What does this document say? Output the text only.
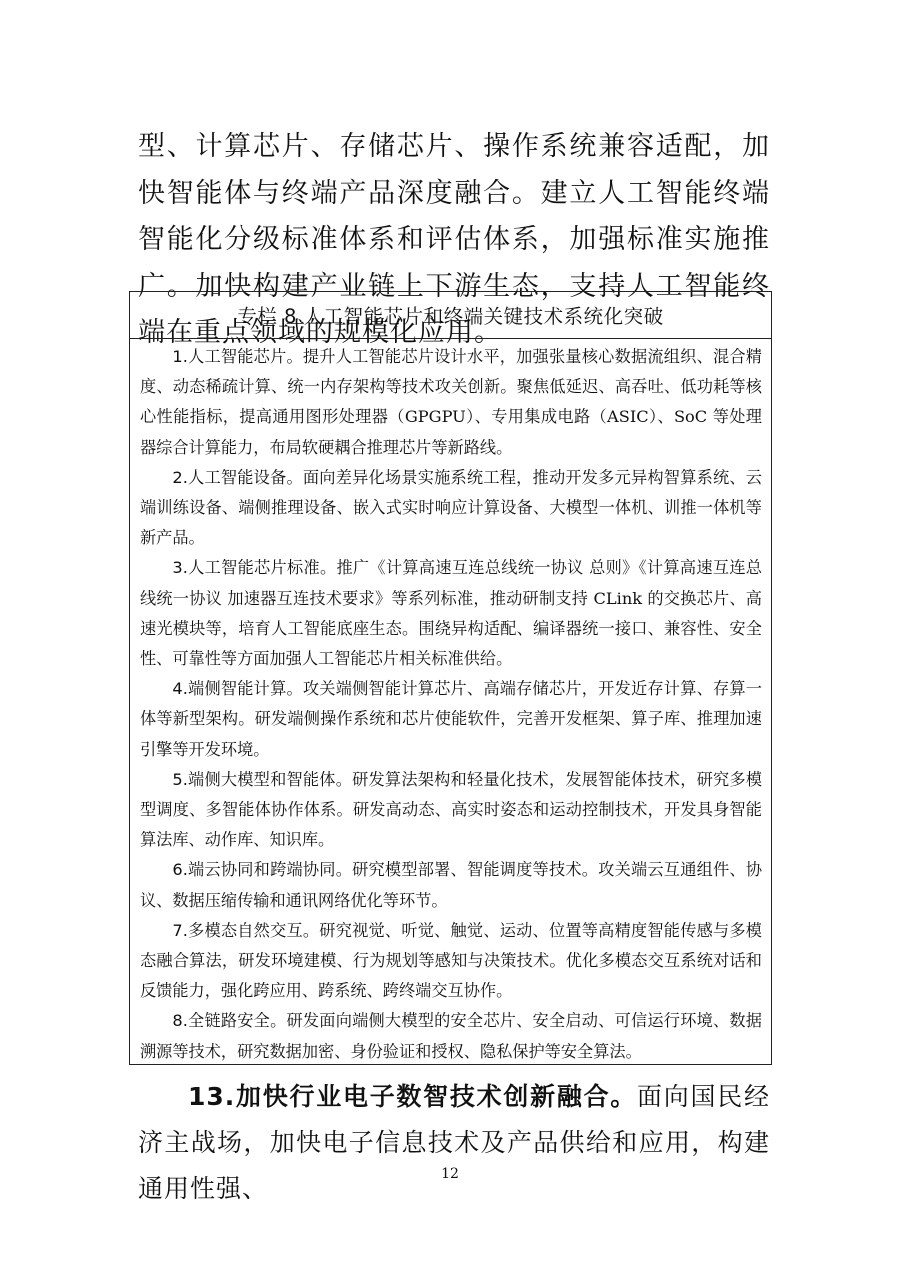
型、计算芯片、存储芯片、操作系统兼容适配，加快智能体与终端产品深度融合。建立人工智能终端智能化分级标准体系和评估体系，加强标准实施推广。加快构建产业链上下游生态，支持人工智能终端在重点领域的规模化应用。
专栏 8 人工智能芯片和终端关键技术系统化突破

1.人工智能芯片。提升人工智能芯片设计水平，加强张量核心数据流组织、混合精度、动态稀疏计算、统一内存架构等技术攻关创新。聚焦低延迟、高吞吐、低功耗等核心性能指标，提高通用图形处理器（GPGPU）、专用集成电路（ASIC）、SoC 等处理器综合计算能力，布局软硬耦合推理芯片等新路线。

2.人工智能设备。面向差异化场景实施系统工程，推动开发多元异构智算系统、云端训练设备、端侧推理设备、嵌入式实时响应计算设备、大模型一体机、训推一体机等新产品。

3.人工智能芯片标准。推广《计算高速互连总线统一协议 总则》《计算高速互连总线统一协议 加速器互连技术要求》等系列标准，推动研制支持 CLink 的交换芯片、高速光模块等，培育人工智能底座生态。围绕异构适配、编译器统一接口、兼容性、安全性、可靠性等方面加强人工智能芯片相关标准供给。

4.端侧智能计算。攻关端侧智能计算芯片、高端存储芯片，开发近存计算、存算一体等新型架构。研发端侧操作系统和芯片使能软件，完善开发框架、算子库、推理加速引擎等开发环境。

5.端侧大模型和智能体。研发算法架构和轻量化技术，发展智能体技术，研究多模型调度、多智能体协作体系。研发高动态、高实时姿态和运动控制技术，开发具身智能算法库、动作库、知识库。

6.端云协同和跨端协同。研究模型部署、智能调度等技术。攻关端云互通组件、协议、数据压缩传输和通讯网络优化等环节。

7.多模态自然交互。研究视觉、听觉、触觉、运动、位置等高精度智能传感与多模态融合算法，研发环境建模、行为规划等感知与决策技术。优化多模态交互系统对话和反馈能力，强化跨应用、跨系统、跨终端交互协作。

8.全链路安全。研发面向端侧大模型的安全芯片、安全启动、可信运行环境、数据溯源等技术，研究数据加密、身份验证和授权、隐私保护等安全算法。

13.加快行业电子数智技术创新融合。面向国民经济主战场，加快电子信息技术及产品供给和应用，构建通用性强、	12
